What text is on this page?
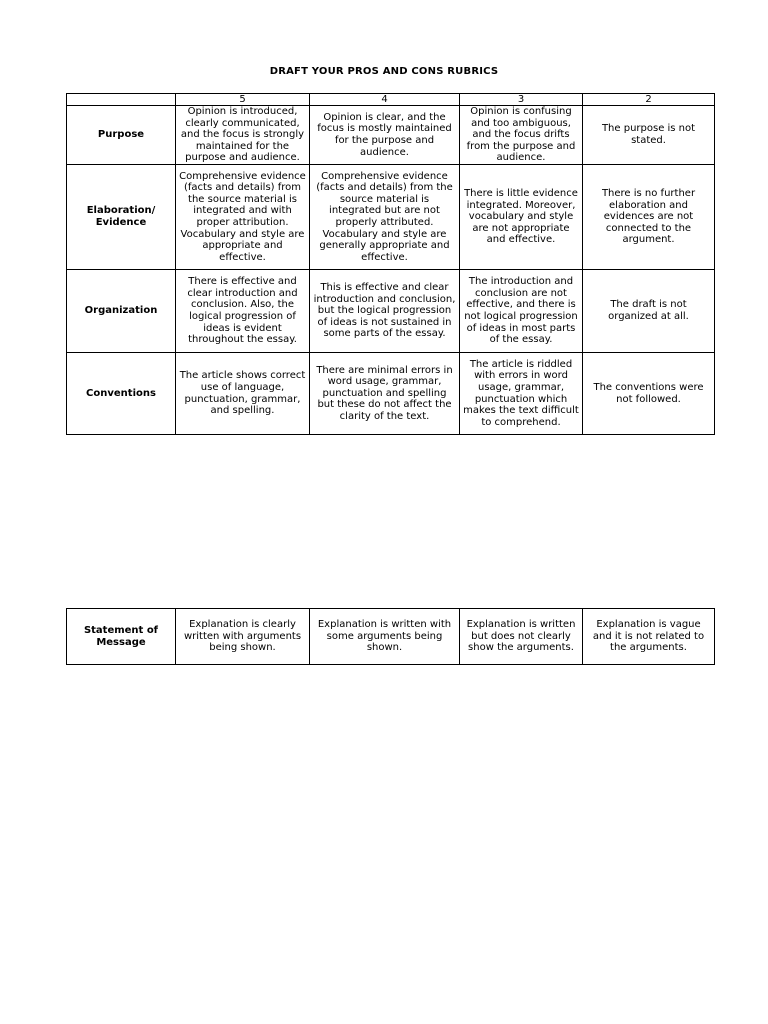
DRAFT YOUR PROS AND CONS RUBRICS
	5	4	3	2
Purpose	Opinion is introduced, clearly communicated, and the focus is strongly maintained for the purpose and audience.	Opinion is clear, and the focus is mostly maintained for the purpose and audience.	Opinion is confusing and too ambiguous, and the focus drifts from the purpose and audience.	The purpose is not stated.
Elaboration/ Evidence	Comprehensive evidence (facts and details) from the source material is integrated and with proper attribution. Vocabulary and style are appropriate and effective.	Comprehensive evidence (facts and details) from the source material is integrated but are not properly attributed. Vocabulary and style are generally appropriate and effective.	There is little evidence integrated. Moreover, vocabulary and style are not appropriate and effective.	There is no further elaboration and evidences are not connected to the argument.
Organization	There is effective and clear introduction and conclusion. Also, the logical progression of ideas is evident throughout the essay.	This is effective and clear introduction and conclusion, but the logical progression of ideas is not sustained in some parts of the essay.	The introduction and conclusion are not effective, and there is not logical progression of ideas in most parts of the essay.	The draft is not organized at all.
Conventions	The article shows correct use of language, punctuation, grammar, and spelling.	There are minimal errors in word usage, grammar, punctuation and spelling but these do not affect the clarity of the text.	The article is riddled with errors in word usage, grammar, punctuation which makes the text difficult to comprehend.	The conventions were not followed.
Statement of Message	Explanation is clearly written with arguments being shown.	Explanation is written with some arguments being shown.	Explanation is written but does not clearly show the arguments.	Explanation is vague and it is not related to the arguments.
